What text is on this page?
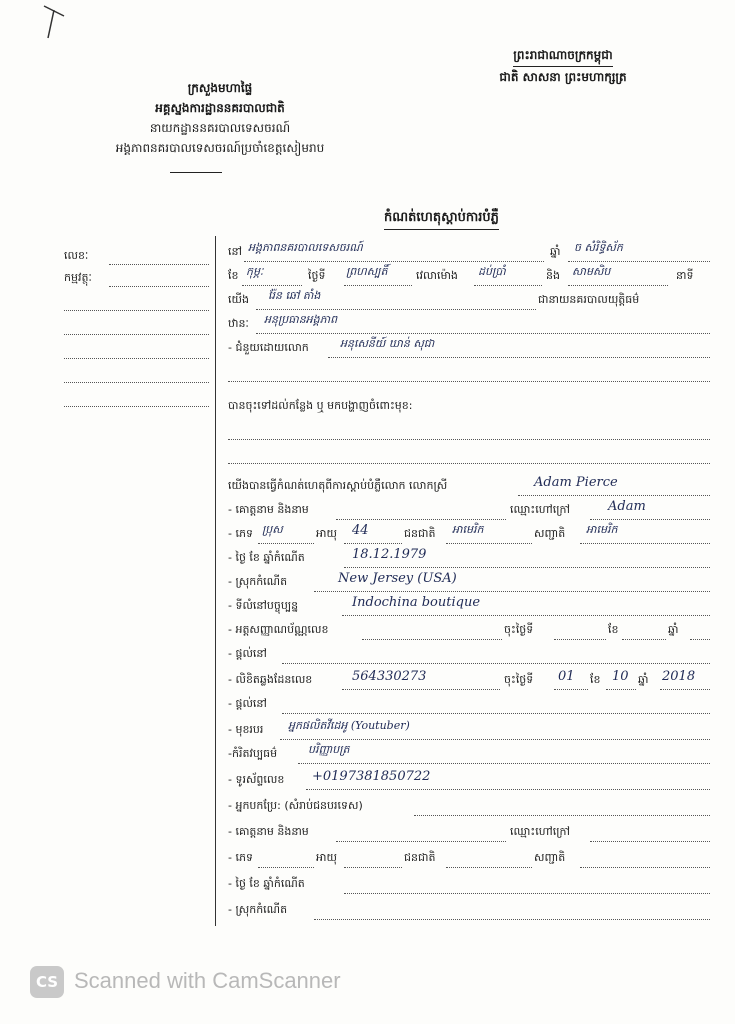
ព្រះរាជាណាចក្រកម្ពុជា
ជាតិ សាសនា ព្រះមហាក្សត្រ
ក្រសួងមហាផ្ទៃ
អគ្គស្នងការដ្ឋាននគរបាលជាតិ
នាយកដ្ឋាននគរបាលទេសចរណ៍
អង្គភាពនគរបាលទេសចរណ៍ប្រចាំខេត្តសៀមរាប
កំណត់ហេតុស្ដាប់ការបំភ្លឺ
លេខៈ
កម្មវត្ថុៈ
នៅ អង្គភាពនគរបាលទេសចរណ៍	ឆ្នាំ ច សំរិទ្ធិស័ក
ខែ កុម្ភៈ	ថ្ងៃទី ព្រហស្បតិ៍	វេលាម៉ោង ដប់ប្រាំ	និង សាមសិប	នាទី
យើង រ៉ែន ឆៅ តាំង	ជានាយនគរបាលយុត្តិធម៌
ឋានៈ អនុប្រធានអង្គភាព
- ជំនួយដោយលោក	អនុសេនីយ៍ ឃាន់ សុជា
បានចុះទៅដល់កន្លែង ឬ មកបង្ហាញចំពោះមុខ:
យើងបានធ្វើកំណត់ហេតុពីការស្ដាប់បំភ្លឺលោក លោកស្រី	Adam Pierce
- គោត្តនាម និងនាម	ឈ្មោះហៅក្រៅ	Adam
- ភេទ ប្រុស	អាយុ 44	ជនជាតិ អាមេរិក	សញ្ជាតិ អាមេរិក
- ថ្ងៃ ខែ ឆ្នាំកំណើត	18.12.1979
- ស្រុកកំណើត	New Jersey (USA)
- ទីលំនៅបច្ចុប្បន្ន	Indochina boutique
- អត្តសញ្ញាណប័ណ្ណលេខ	ចុះថ្ងៃទី	ខែ	ឆ្នាំ
- ផ្ដល់នៅ
- លិខិតឆ្លងដែនលេខ	564330273	ចុះថ្ងៃទី 01 ខែ 10 ឆ្នាំ 2018
- ផ្ដល់នៅ
- មុខរបរ អ្នកផលិតវីដេអូ (Youtuber)
-កំរិតវប្បធម៌	បរិញ្ញាបត្រ
- ទូរស័ព្ទលេខ +0197381850722
- អ្នកបកប្រែ: (សំរាប់ជនបរទេស)
- គោត្តនាម និងនាម	ឈ្មោះហៅក្រៅ
- ភេទ	អាយុ	ជនជាតិ	សញ្ជាតិ
- ថ្ងៃ ខែ ឆ្នាំកំណើត
- ស្រុកកំណើត
CS Scanned with CamScanner
